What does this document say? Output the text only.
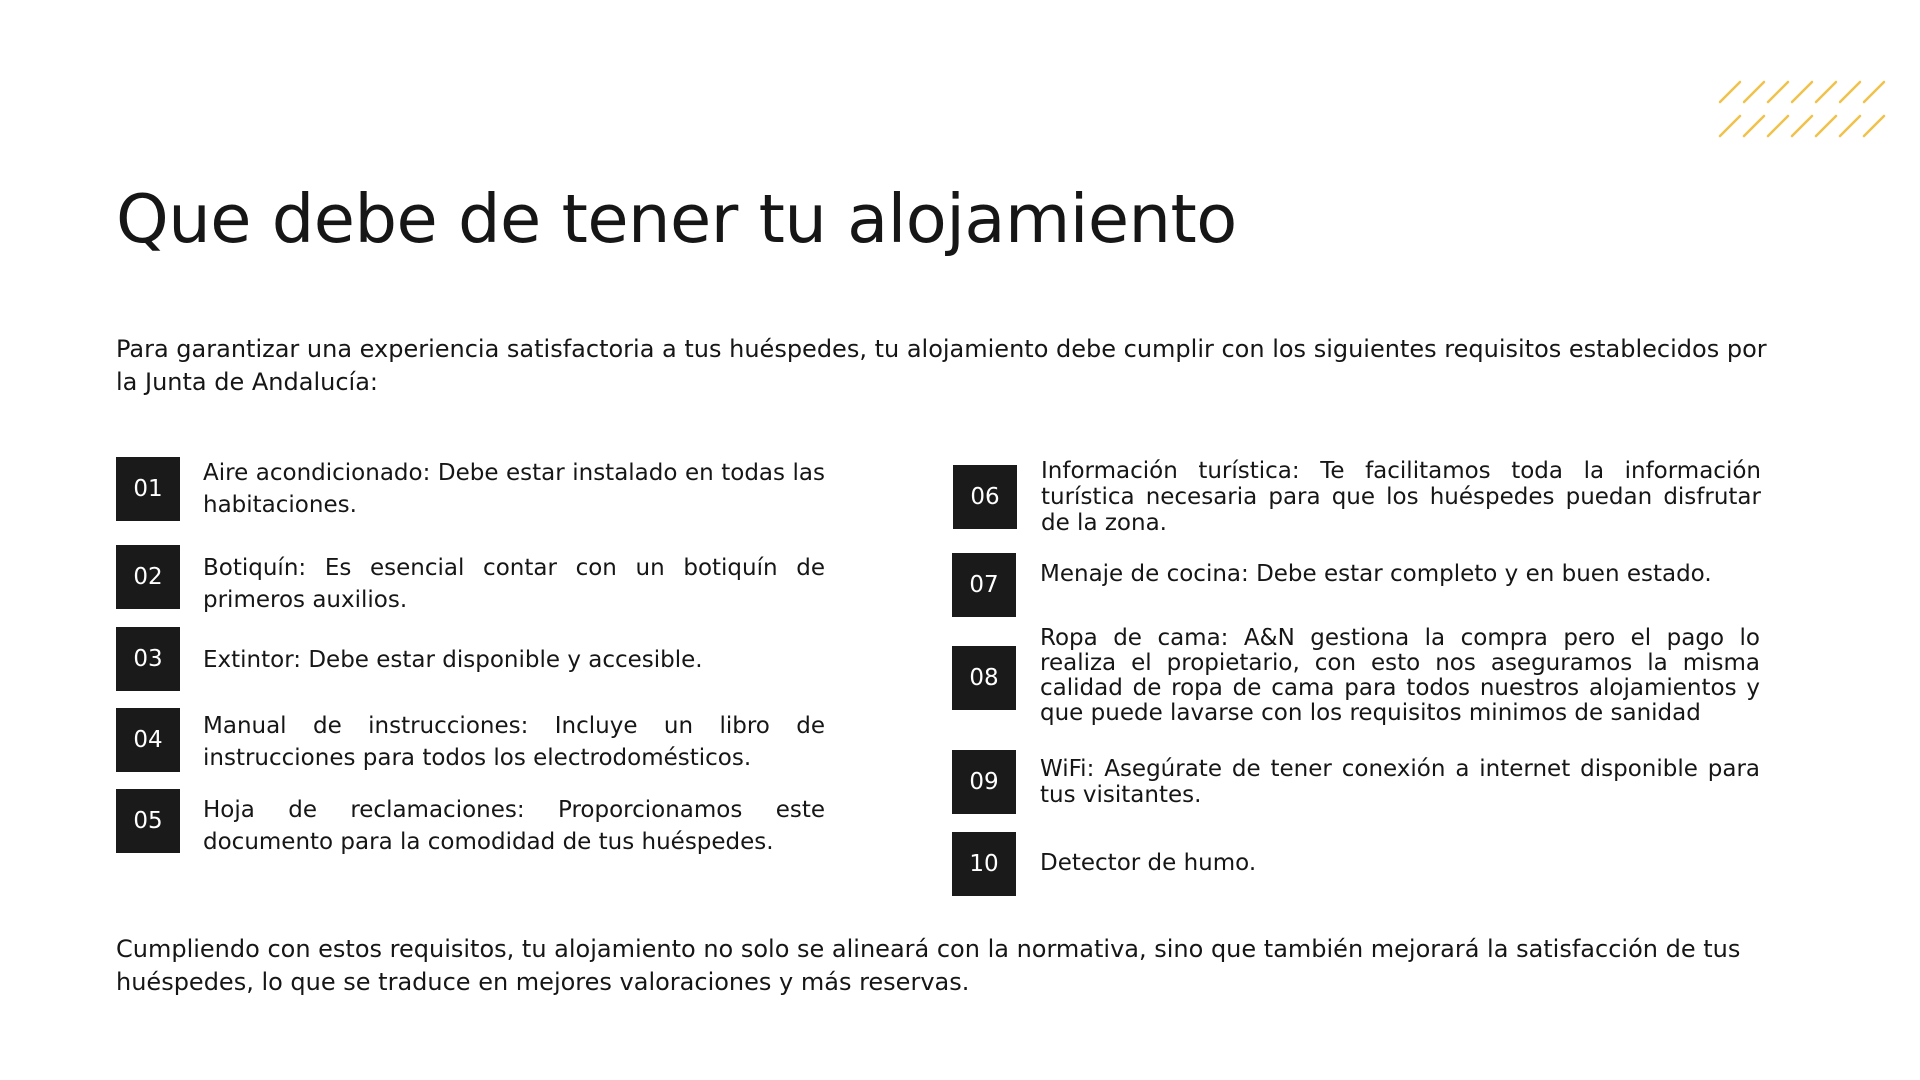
Que debe de tener tu alojamiento

Para garantizar una experiencia satisfactoria a tus huéspedes, tu alojamiento debe cumplir con los siguientes requisitos establecidos por la Junta de Andalucía:

01

Aire acondicionado: Debe estar instalado en todas las habitaciones.

02	Botiquín: Es esencial contar con un botiquín de primeros auxilios.

03	Extintor: Debe estar disponible y accesible.

04

Manual de instrucciones: Incluye un libro de instrucciones para todos los electrodomésticos.

05	Hoja de reclamaciones: Proporcionamos este documento para la comodidad de tus huéspedes.

06

Información turística: Te facilitamos toda la información turística necesaria para que los huéspedes puedan disfrutar de la zona.

07	Menaje de cocina: Debe estar completo y en buen estado.

08

Ropa de cama: A&N gestiona la compra pero el pago lo realiza el propietario, con esto nos aseguramos la misma calidad de ropa de cama para todos nuestros alojamientos y que puede lavarse con los requisitos minimos de sanidad

09	WiFi: Asegúrate de tener conexión a internet disponible para tus visitantes.

10	Detector de humo.

Cumpliendo con estos requisitos, tu alojamiento no solo se alineará con la normativa, sino que también mejorará la satisfacción de tus huéspedes, lo que se traduce en mejores valoraciones y más reservas.
